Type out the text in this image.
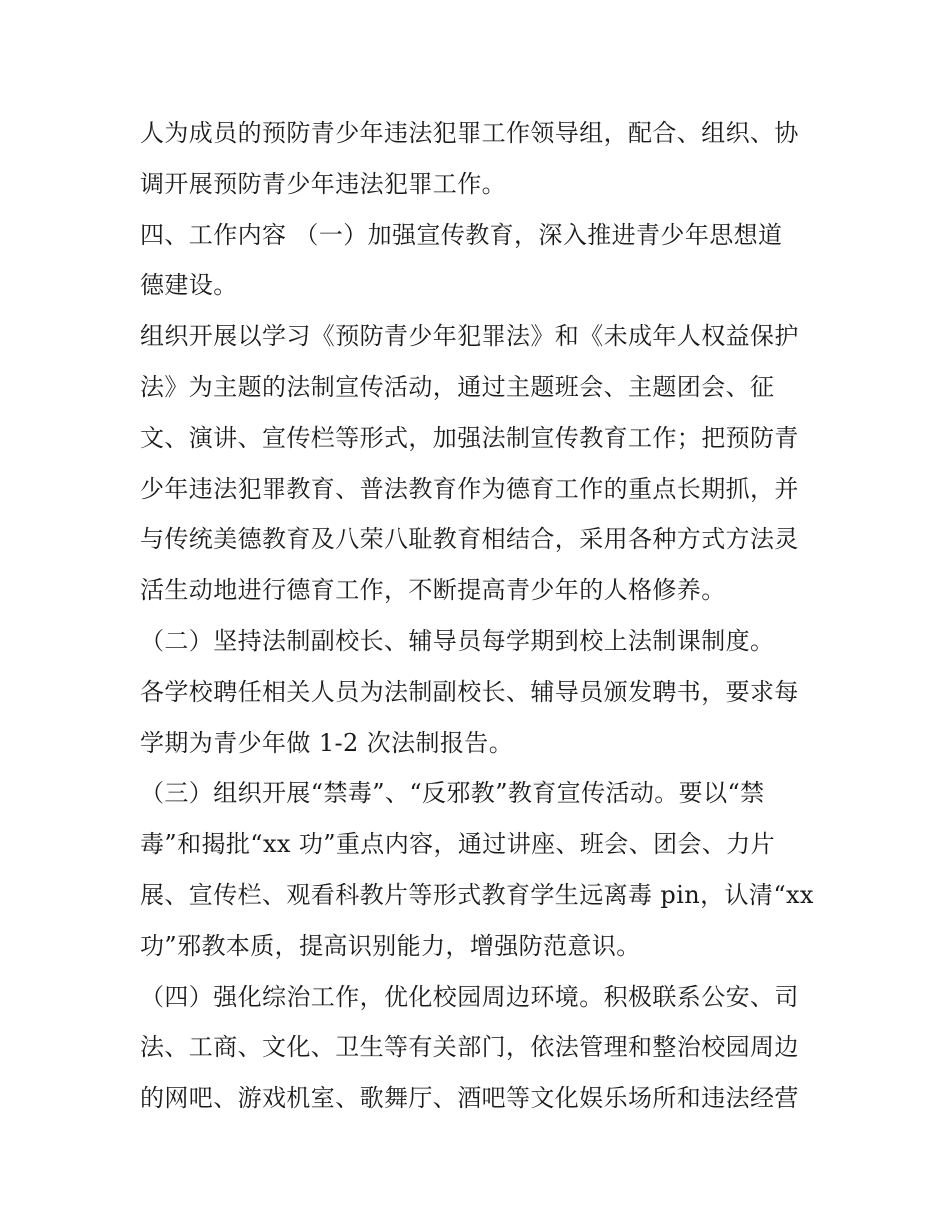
人为成员的预防青少年违法犯罪工作领导组，配合、组织、协
调开展预防青少年违法犯罪工作。
四、工作内容 （一）加强宣传教育，深入推进青少年思想道
德建设。
组织开展以学习《预防青少年犯罪法》和《未成年人权益保护
法》为主题的法制宣传活动，通过主题班会、主题团会、征
文、演讲、宣传栏等形式，加强法制宣传教育工作；把预防青
少年违法犯罪教育、普法教育作为德育工作的重点长期抓，并
与传统美德教育及八荣八耻教育相结合，采用各种方式方法灵
活生动地进行德育工作，不断提高青少年的人格修养。
（二）坚持法制副校长、辅导员每学期到校上法制课制度。
各学校聘任相关人员为法制副校长、辅导员颁发聘书，要求每
学期为青少年做 1-2 次法制报告。
（三）组织开展“禁毒”、“反邪教”教育宣传活动。要以“禁
毒”和揭批“xx 功”重点内容，通过讲座、班会、团会、力片
展、宣传栏、观看科教片等形式教育学生远离毒 pin，认清“xx
功”邪教本质，提高识别能力，增强防范意识。
（四）强化综治工作，优化校园周边环境。积极联系公安、司
法、工商、文化、卫生等有关部门，依法管理和整治校园周边
的网吧、游戏机室、歌舞厅、酒吧等文化娱乐场所和违法经营
